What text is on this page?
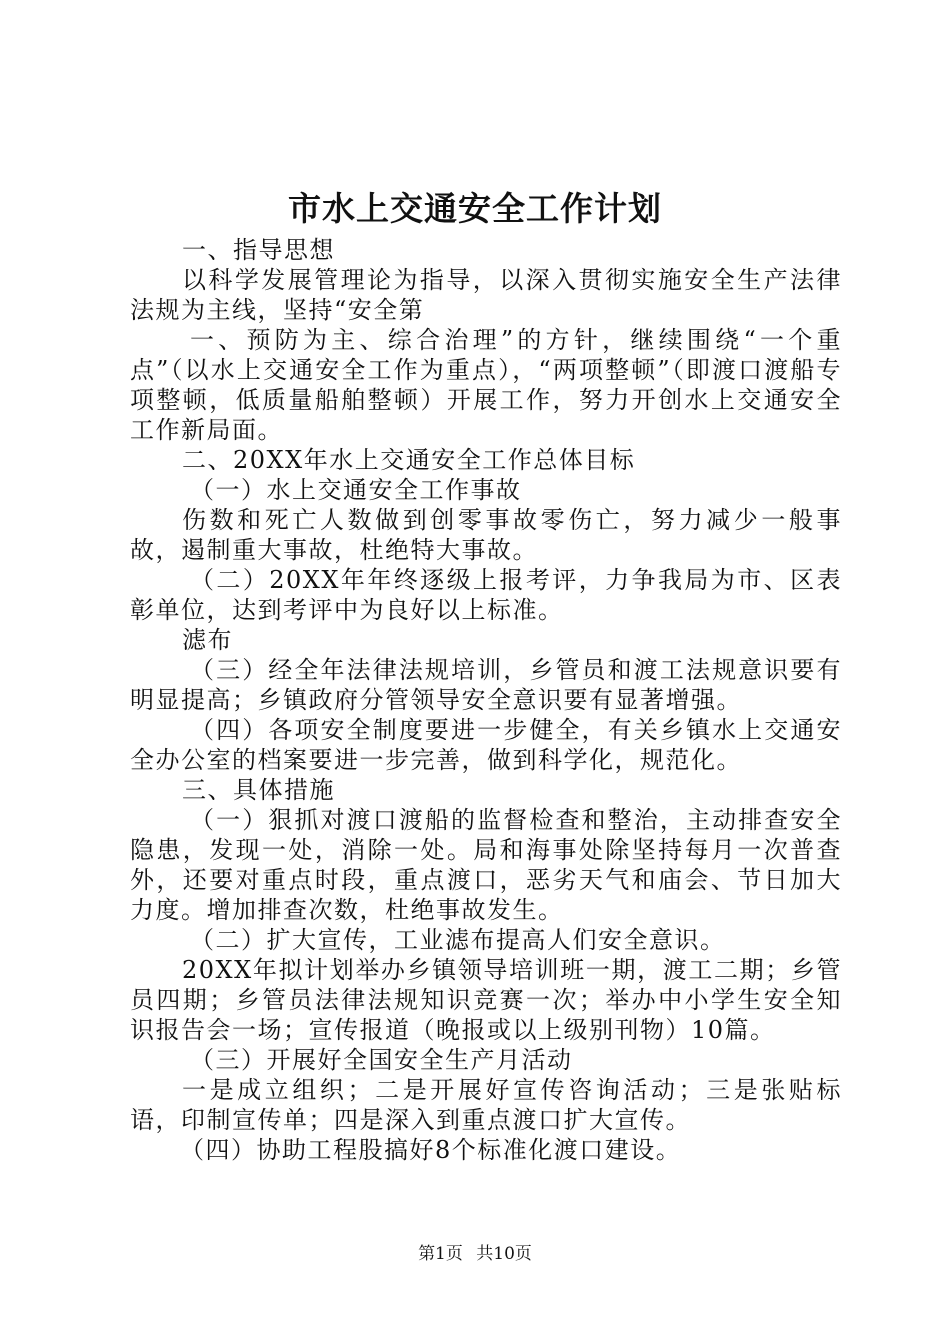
市水上交通安全工作计划

一、指导思想

以科学发展管理论为指导，以深入贯彻实施安全生产法律法规为主线，坚持“安全第

一、预防为主、综合治理”的方针，继续围绕“一个重点”（以水上交通安全工作为重点），“两项整顿”（即渡口渡船专项整顿，低质量船舶整顿）开展工作，努力开创水上交通安全工作新局面。

二、20XX年水上交通安全工作总体目标

（一）水上交通安全工作事故

伤数和死亡人数做到创零事故零伤亡，努力减少一般事故，遏制重大事故，杜绝特大事故。

（二）20XX年年终逐级上报考评，力争我局为市、区表彰单位，达到考评中为良好以上标准。

滤布

（三）经全年法律法规培训，乡管员和渡工法规意识要有明显提高；乡镇政府分管领导安全意识要有显著增强。

（四）各项安全制度要进一步健全，有关乡镇水上交通安全办公室的档案要进一步完善，做到科学化，规范化。

三、具体措施

（一）狠抓对渡口渡船的监督检查和整治，主动排查安全隐患，发现一处，消除一处。局和海事处除坚持每月一次普查外，还要对重点时段，重点渡口，恶劣天气和庙会、节日加大力度。增加排查次数，杜绝事故发生。

（二）扩大宣传，工业滤布提高人们安全意识。

20XX年拟计划举办乡镇领导培训班一期，渡工二期；乡管员四期；乡管员法律法规知识竞赛一次；举办中小学生安全知识报告会一场；宣传报道（晚报或以上级别刊物）10篇。

（三）开展好全国安全生产月活动

一是成立组织；二是开展好宣传咨询活动；三是张贴标语，印制宣传单；四是深入到重点渡口扩大宣传。

（四）协助工程股搞好8个标准化渡口建设。

第1页 共10页
